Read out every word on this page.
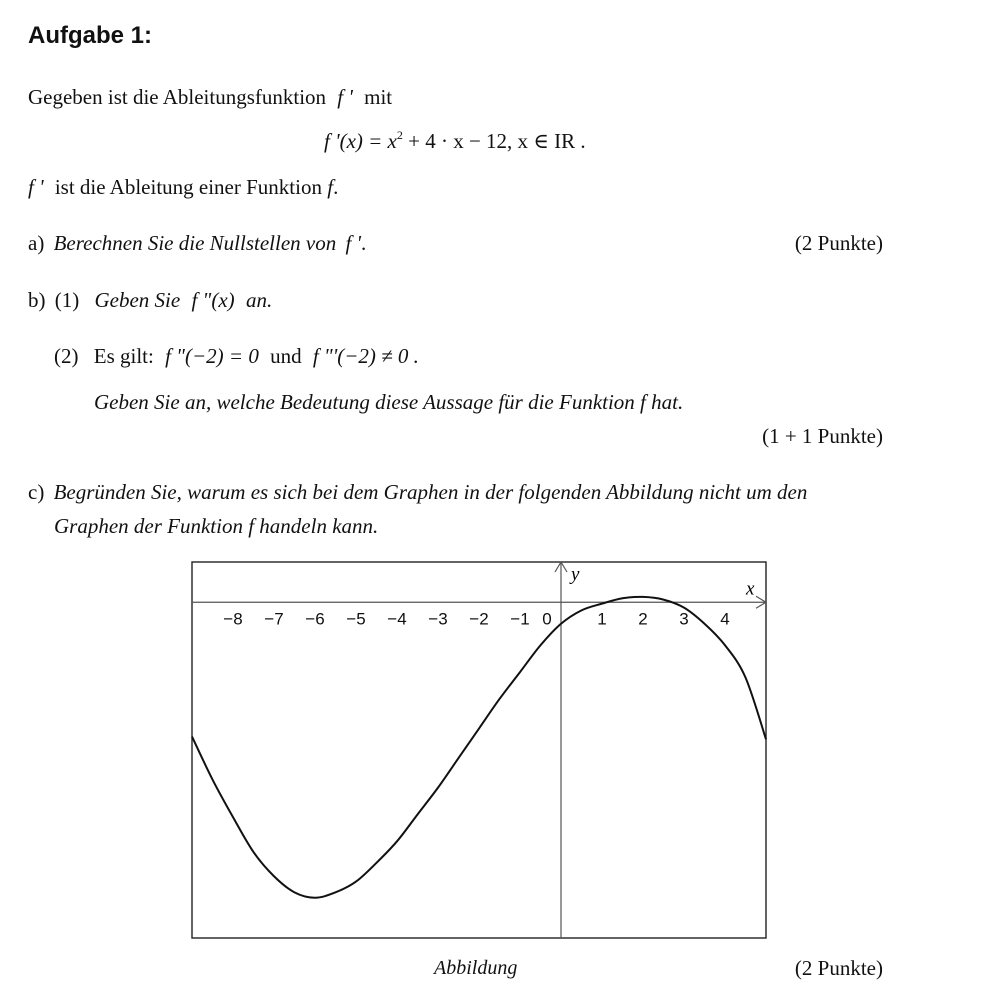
Aufgabe 1:
Gegeben ist die Ableitungsfunktion f ' mit
f '$(x) = x^2 + 4 \cdot x - 12$, x ∈ IR .
f ' ist die Ableitung einer Funktion f.
a) Berechnen Sie die Nullstellen von f '.	(2 Punkte)
b) (1) Geben Sie f "(x) an.
(2) Es gilt: f "(−2) = 0 und f "'(−2) ≠ 0 .
Geben Sie an, welche Bedeutung diese Aussage für die Funktion f hat.
(1 + 1 Punkte)
c) Begründen Sie, warum es sich bei dem Graphen in der folgenden Abbildung nicht um den
Graphen der Funktion f handeln kann.
x
y
−8 −7 −6 −5 −4 −3 −2 −1 0	1 2 3 4
Abbildung	(2 Punkte)
